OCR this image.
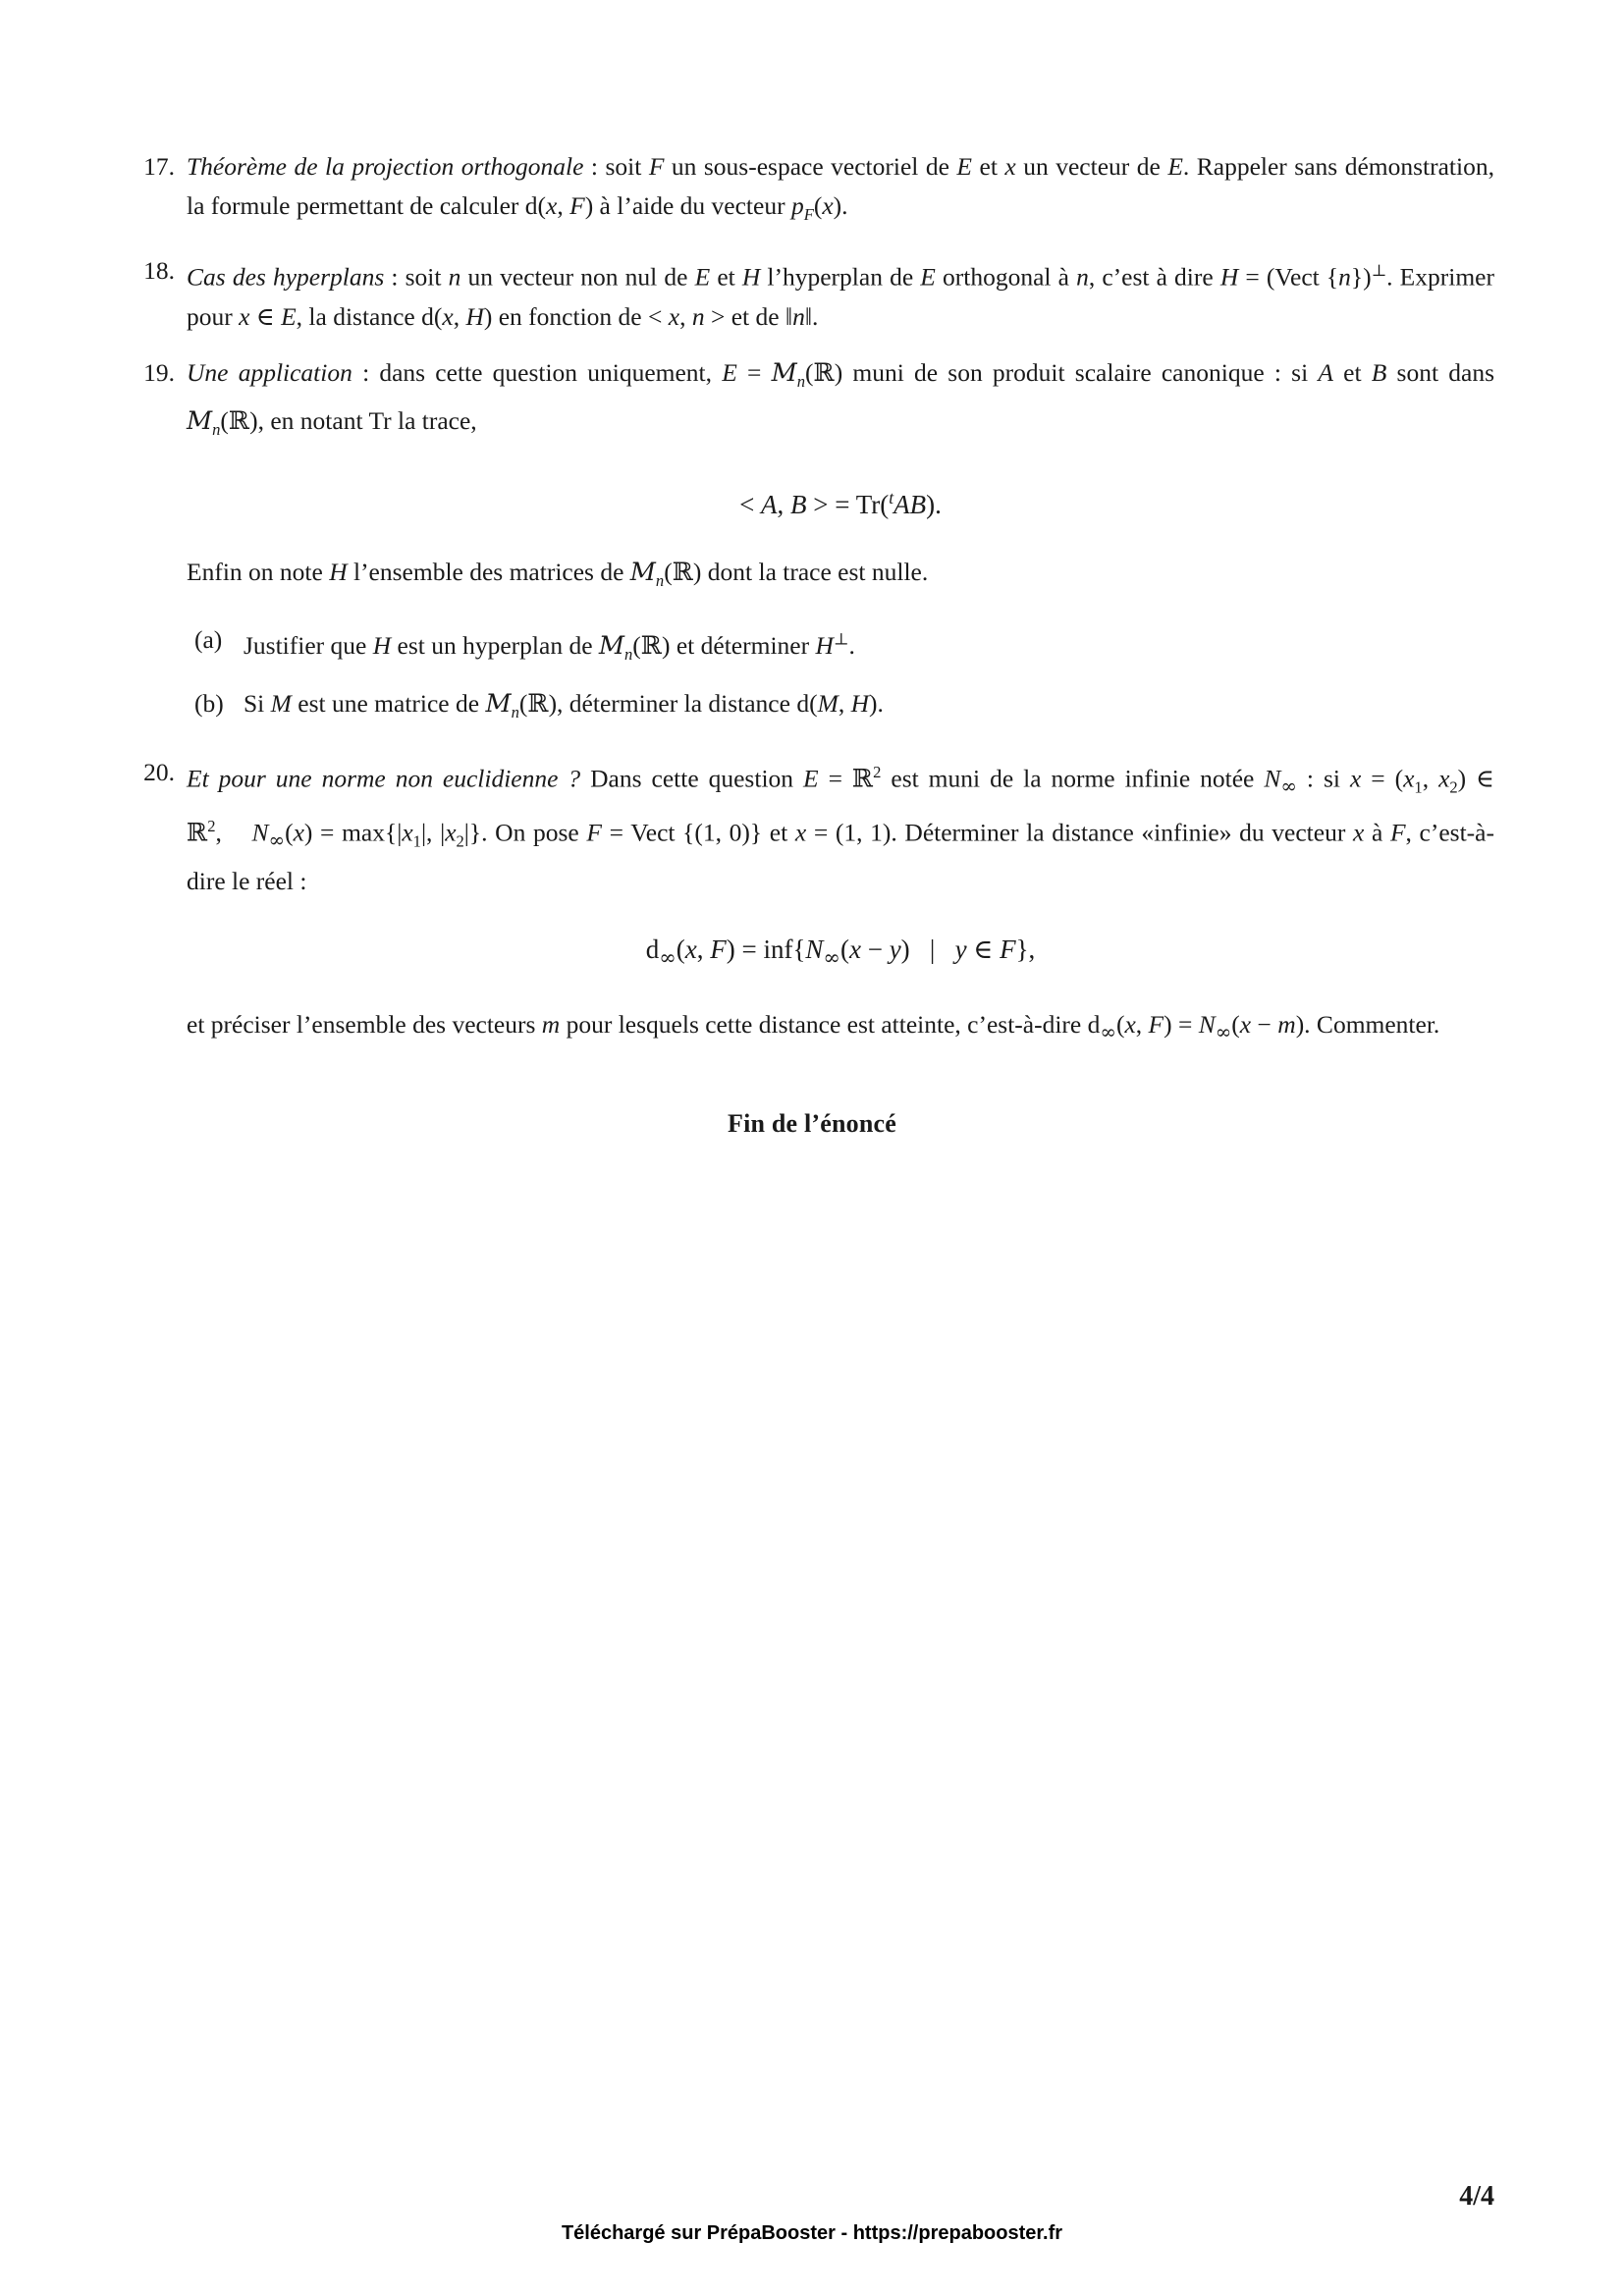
17. Théorème de la projection orthogonale : soit F un sous-espace vectoriel de E et x un vecteur de E. Rappeler sans démonstration, la formule permettant de calculer d(x, F) à l’aide du vecteur $p_F(x)$.
18. Cas des hyperplans : soit n un vecteur non nul de E et H l’hyperplan de E orthogonal à n, c’est à dire H = (Vect {n})⊥. Exprimer pour x ∈ E, la distance d(x, H) en fonction de < x, n > et de ‖n‖.
19. Une application : dans cette question uniquement, $E = M_n(ℝ)$ muni de son produit scalaire canonique : si A et B sont dans $M_n(ℝ)$, en notant Tr la trace,
< A, B > = Tr($^t$AB).
Enfin on note H l’ensemble des matrices de $M_n(ℝ)$ dont la trace est nulle.
(a) Justifier que H est un hyperplan de $M_n(ℝ)$ et déterminer H⊥.
(b) Si M est une matrice de $M_n(ℝ)$, déterminer la distance d(M, H).
20. Et pour une norme non euclidienne ? Dans cette question E = ℝ$^2$ est muni de la norme infinie notée $N_\infty$ : si $x = (x_1$, $x_2$) ∈ ℝ$^2$, $N_\infty(x) = \max\{|x_1|$, $|x_2|$}. On pose F = Vect {(1, 0)} et x = (1, 1). Déterminer la distance «infinie» du vecteur x à F, c’est-à-dire le réel :
$d_\infty(x$, $F) = inf\{N_\infty(x - y)$ | y ∈ F},
et préciser l’ensemble des vecteurs m pour lesquels cette distance est atteinte, c’est-à-dire $d_\infty(x$, $F) = N_\infty(x - m)$. Commenter.
Fin de l’énoncé
Téléchargé sur PrépaBooster - https://prepabooster.fr
4/4
